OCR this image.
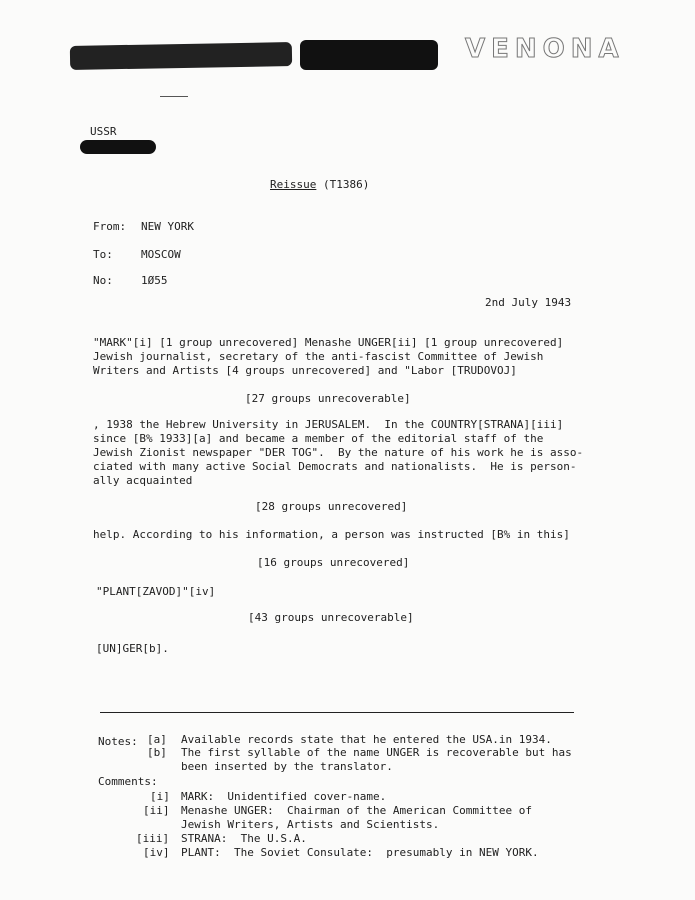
VENONA
USSR
Reissue (T1386)
From: NEW YORK
To:	MOSCOW
No:	1Ø55
2nd July 1943
"MARK"[i] [1 group unrecovered] Menashe UNGER[ii] [1 group unrecovered]
Jewish journalist, secretary of the anti-fascist Committee of Jewish
Writers and Artists [4 groups unrecovered] and "Labor [TRUDOVOJ]
[27 groups unrecoverable]
, 1938 the Hebrew University in JERUSALEM.  In the COUNTRY[STRANA][iii]
since [B% 1933][a] and became a member of the editorial staff of the
Jewish Zionist newspaper "DER TOG".  By the nature of his work he is asso-
ciated with many active Social Democrats and nationalists.  He is person-
ally acquainted
[28 groups unrecovered]
help. According to his information, a person was instructed [B% in this]
[16 groups unrecovered]
"PLANT[ZAVOD]"[iv]
[43 groups unrecoverable]
[UN]GER[b].
Notes: [a] Available records state that he entered the USA.in 1934.
[b] The first syllable of the name UNGER is recoverable but has
been inserted by the translator.
Comments:
[i] MARK:  Unidentified cover-name.
[ii] Menashe UNGER:  Chairman of the American Committee of
Jewish Writers, Artists and Scientists.
[iii] STRANA:  The U.S.A.
[iv] PLANT:  The Soviet Consulate:  presumably in NEW YORK.
